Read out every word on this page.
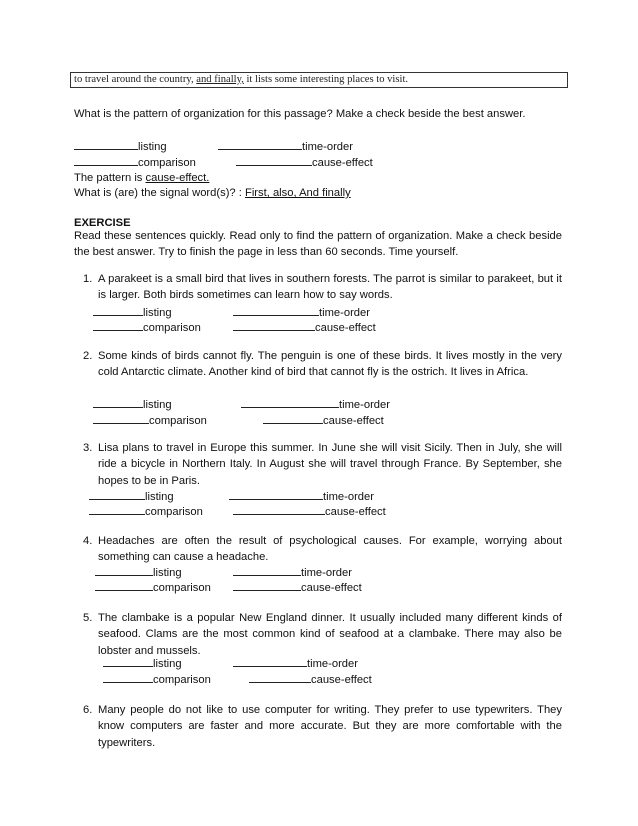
to travel around the country, and finally, it lists some interesting places to visit.
What is the pattern of organization for this passage? Make a check beside the best answer.
listing	time-order
comparison	cause-effect
The pattern is cause-effect.
What is (are) the signal word(s)? : First, also, And finally
EXERCISE
Read these sentences quickly. Read only to find the pattern of organization. Make a check beside the best answer. Try to finish the page in less than 60 seconds. Time yourself.
1. A parakeet is a small bird that lives in southern forests. The parrot is similar to parakeet, but it is larger. Both birds sometimes can learn how to say words.
listing	time-order
comparison	cause-effect
2. Some kinds of birds cannot fly. The penguin is one of these birds. It lives mostly in the very cold Antarctic climate. Another kind of bird that cannot fly is the ostrich. It lives in Africa.
listing	time-order
comparison	cause-effect
3. Lisa plans to travel in Europe this summer. In June she will visit Sicily. Then in July, she will ride a bicycle in Northern Italy. In August she will travel through France. By September, she hopes to be in Paris.
listing	time-order
comparison	cause-effect
4. Headaches are often the result of psychological causes. For example, worrying about something can cause a headache.
listing	time-order
comparison	cause-effect
5. The clambake is a popular New England dinner. It usually included many different kinds of seafood. Clams are the most common kind of seafood at a clambake. There may also be lobster and mussels.
listing	time-order
comparison	cause-effect
6. Many people do not like to use computer for writing. They prefer to use typewriters. They know computers are faster and more accurate. But they are more comfortable with the typewriters.
